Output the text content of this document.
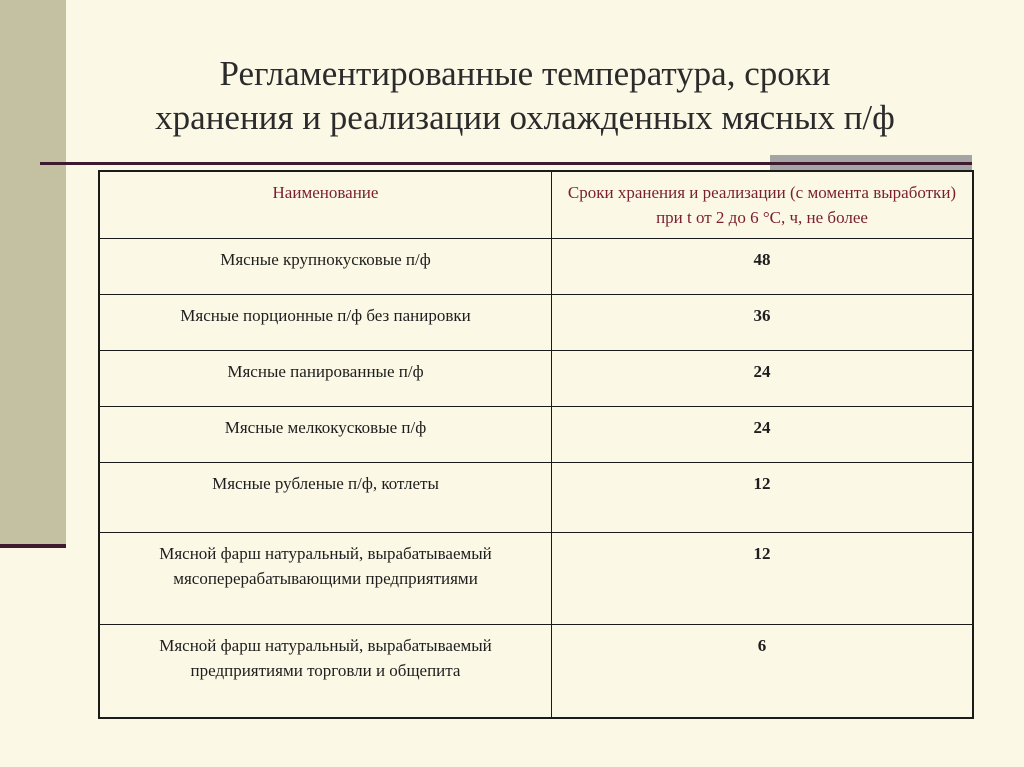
Регламентированные температура, сроки
хранения и реализации охлажденных мясных п/ф
Наименование	Сроки хранения и реализации (с момента выработки) при t от 2 до 6 °С, ч, не более
Мясные крупнокусковые п/ф	48
Мясные порционные п/ф без панировки	36
Мясные панированные п/ф	24
Мясные мелкокусковые п/ф	24
Мясные рубленые п/ф, котлеты	12
Мясной фарш натуральный, вырабатываемый мясоперерабатывающими предприятиями	12
Мясной фарш натуральный, вырабатываемый предприятиями торговли и общепита	6
